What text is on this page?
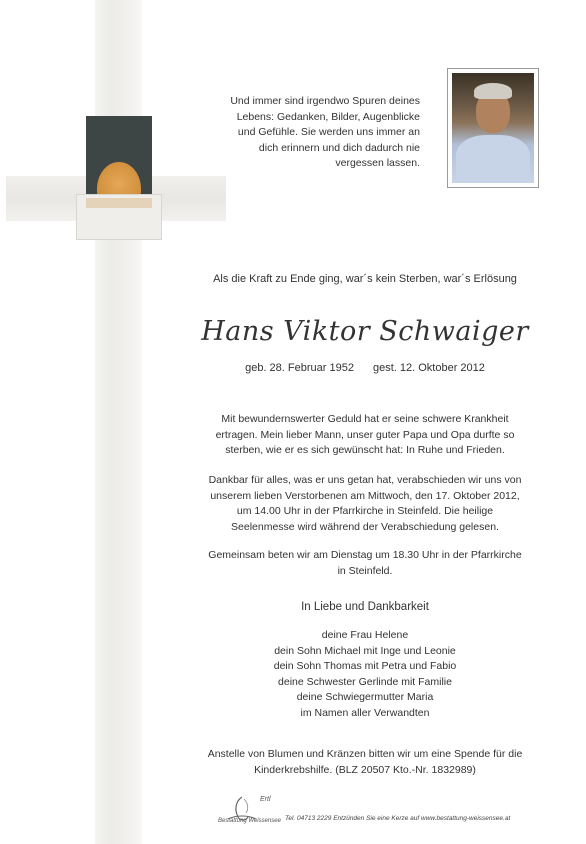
Und immer sind irgendwo Spuren deines
Lebens: Gedanken, Bilder, Augenblicke
und Gefühle. Sie werden uns immer an
dich erinnern und dich dadurch nie
vergessen lassen.
Als die Kraft zu Ende ging, war´s kein Sterben, war´s Erlösung
Hans Viktor Schwaiger
geb. 28. Februar 1952 gest. 12. Oktober 2012
Mit bewundernswerter Geduld hat er seine schwere Krankheit
ertragen. Mein lieber Mann, unser guter Papa und Opa durfte so
sterben, wie er es sich gewünscht hat: In Ruhe und Frieden.
Dankbar für alles, was er uns getan hat, verabschieden wir uns von
unserem lieben Verstorbenen am Mittwoch, den 17. Oktober 2012,
um 14.00 Uhr in der Pfarrkirche in Steinfeld. Die heilige
Seelenmesse wird während der Verabschiedung gelesen.
Gemeinsam beten wir am Dienstag um 18.30 Uhr in der Pfarrkirche
in Steinfeld.
In Liebe und Dankbarkeit
deine Frau Helene
dein Sohn Michael mit Inge und Leonie
dein Sohn Thomas mit Petra und Fabio
deine Schwester Gerlinde mit Familie
deine Schwiegermutter Maria
im Namen aller Verwandten
Anstelle von Blumen und Kränzen bitten wir um eine Spende für die
Kinderkrebshilfe. (BLZ 20507 Kto.-Nr. 1832989)
Ertl
Bestattung Weissensee Tel. 04713 2229 Entzünden Sie eine Kerze auf www.bestattung-weissensee.at
